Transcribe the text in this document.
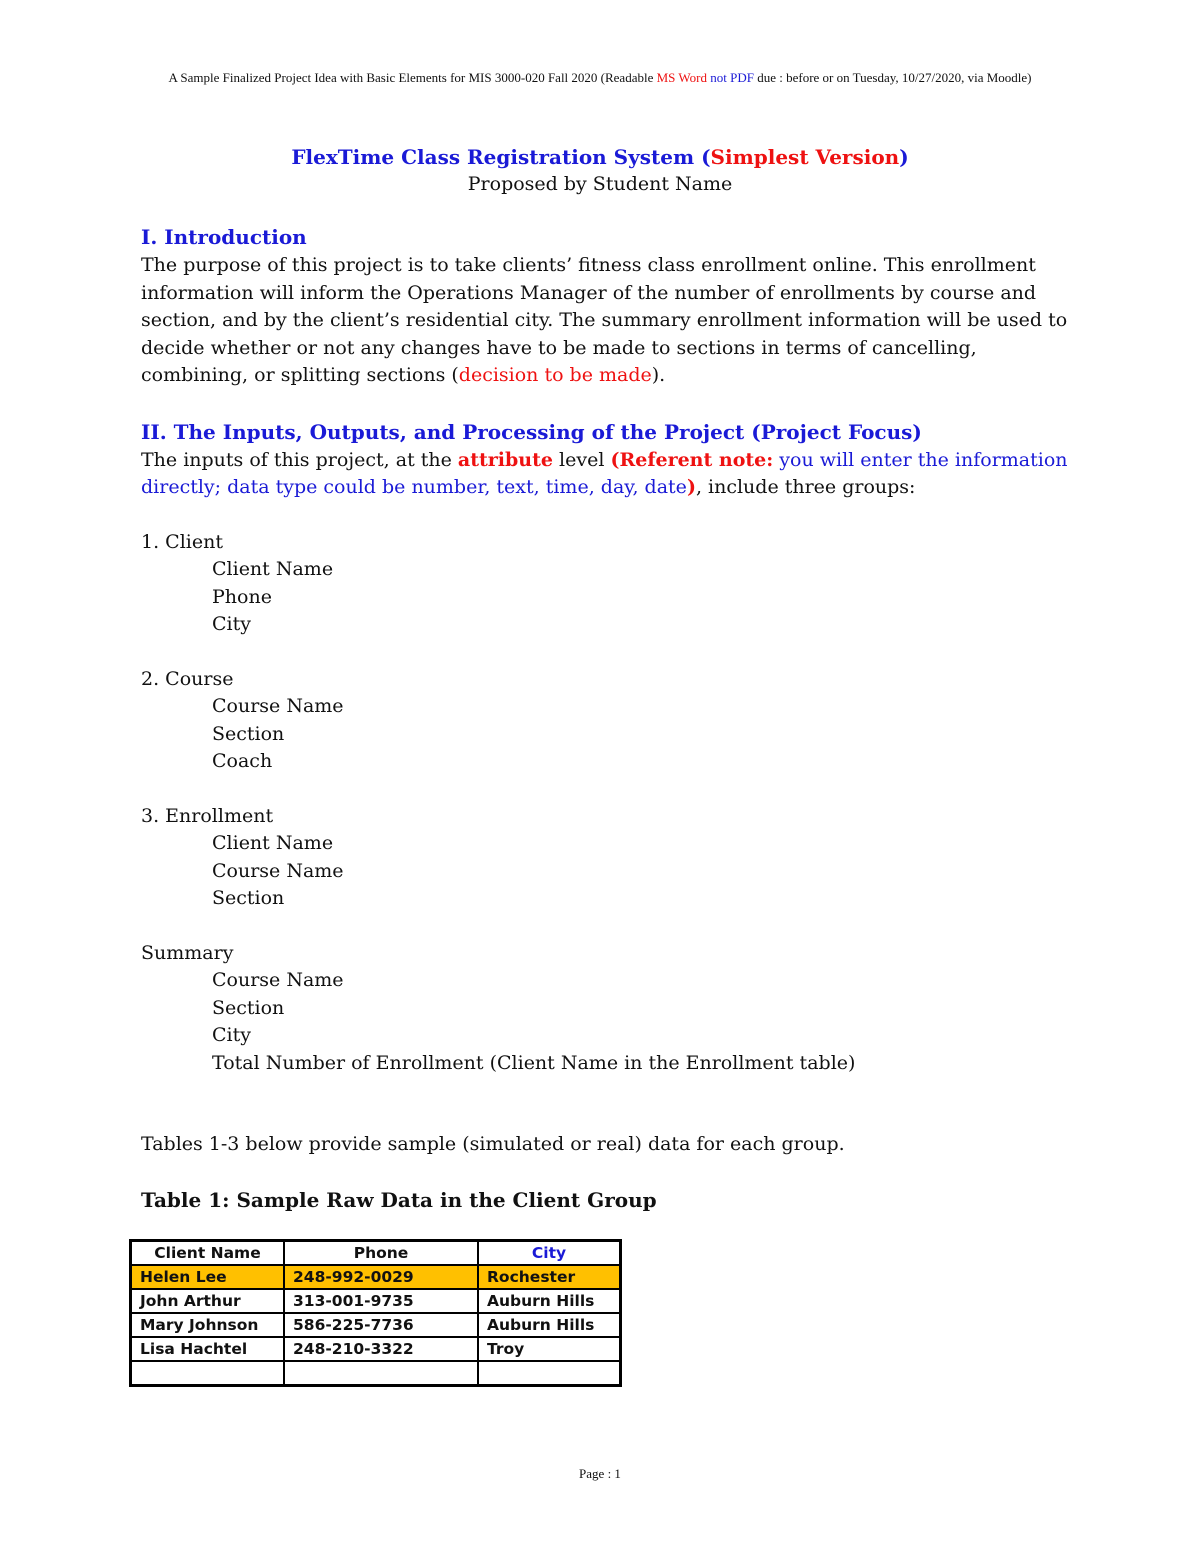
A Sample Finalized Project Idea with Basic Elements for MIS 3000-020 Fall 2020 (Readable MS Word not PDF due : before or on Tuesday, 10/27/2020, via Moodle)
FlexTime Class Registration System (Simplest Version)
Proposed by Student Name
I. Introduction

The purpose of this project is to take clients’ fitness class enrollment online. This enrollment information will inform the Operations Manager of the number of enrollments by course and section, and by the client’s residential city. The summary enrollment information will be used to decide whether or not any changes have to be made to sections in terms of cancelling, combining, or splitting sections (decision to be made).

II. The Inputs, Outputs, and Processing of the Project (Project Focus)

The inputs of this project, at the attribute level (Referent note: you will enter the information directly; data type could be number, text, time, day, date), include three groups:

1. Client

Client Name

Phone

City

2. Course

Course Name

Section

Coach

3. Enrollment

Client Name

Course Name

Section

Summary

Course Name

Section

City

Total Number of Enrollment (Client Name in the Enrollment table)

Tables 1-3 below provide sample (simulated or real) data for each group.

Table 1: Sample Raw Data in the Client Group
Client Name	Phone	City
Helen Lee	248-992-0029	Rochester
John Arthur	313-001-9735	Auburn Hills
Mary Johnson	586-225-7736	Auburn Hills
Lisa Hachtel	248-210-3322	Troy

Page : 1
